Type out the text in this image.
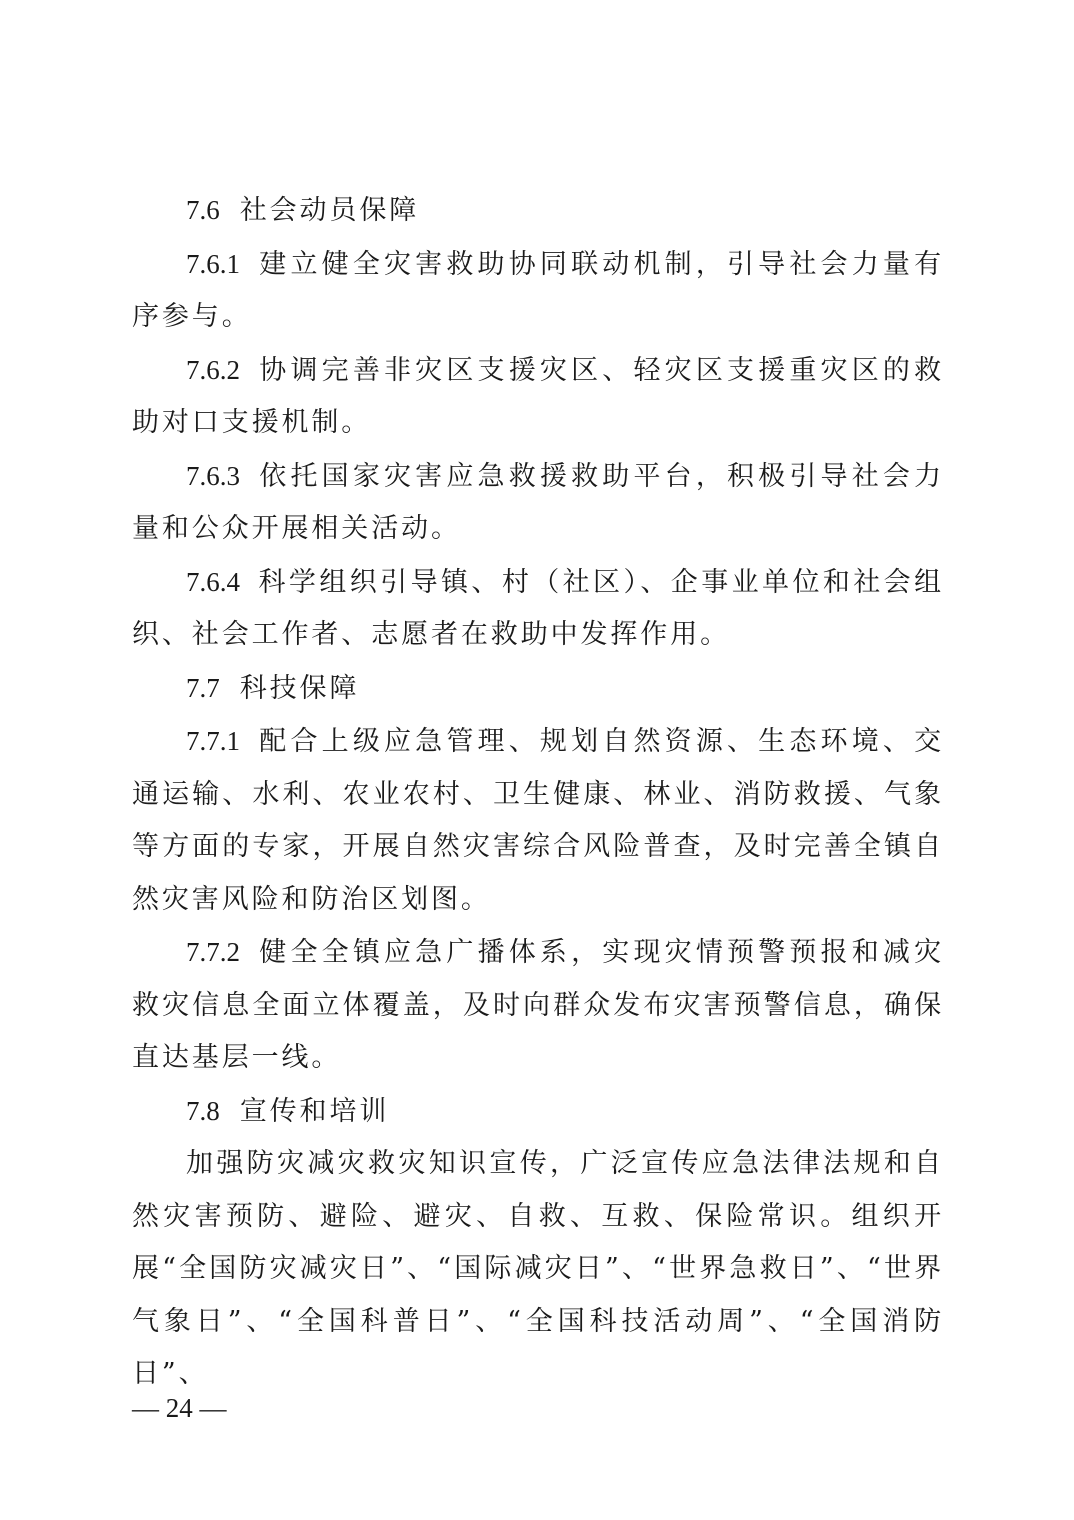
7.6 社会动员保障

7.6.1 建立健全灾害救助协同联动机制，引导社会力量有序参与。

7.6.2 协调完善非灾区支援灾区、轻灾区支援重灾区的救助对口支援机制。

7.6.3 依托国家灾害应急救援救助平台，积极引导社会力量和公众开展相关活动。

7.6.4 科学组织引导镇、村（社区）、企事业单位和社会组织、社会工作者、志愿者在救助中发挥作用。

7.7 科技保障

7.7.1 配合上级应急管理、规划自然资源、生态环境、交通运输、水利、农业农村、卫生健康、林业、消防救援、气象等方面的专家，开展自然灾害综合风险普查，及时完善全镇自然灾害风险和防治区划图。

7.7.2 健全全镇应急广播体系，实现灾情预警预报和减灾救灾信息全面立体覆盖，及时向群众发布灾害预警信息，确保直达基层一线。

7.8 宣传和培训

加强防灾减灾救灾知识宣传，广泛宣传应急法律法规和自然灾害预防、避险、避灾、自救、互救、保险常识。组织开展“全国防灾减灾日”、“国际减灾日”、“世界急救日”、“世界气象日”、“全国科普日”、“全国科技活动周”、“全国消防日”、

— 24 —
